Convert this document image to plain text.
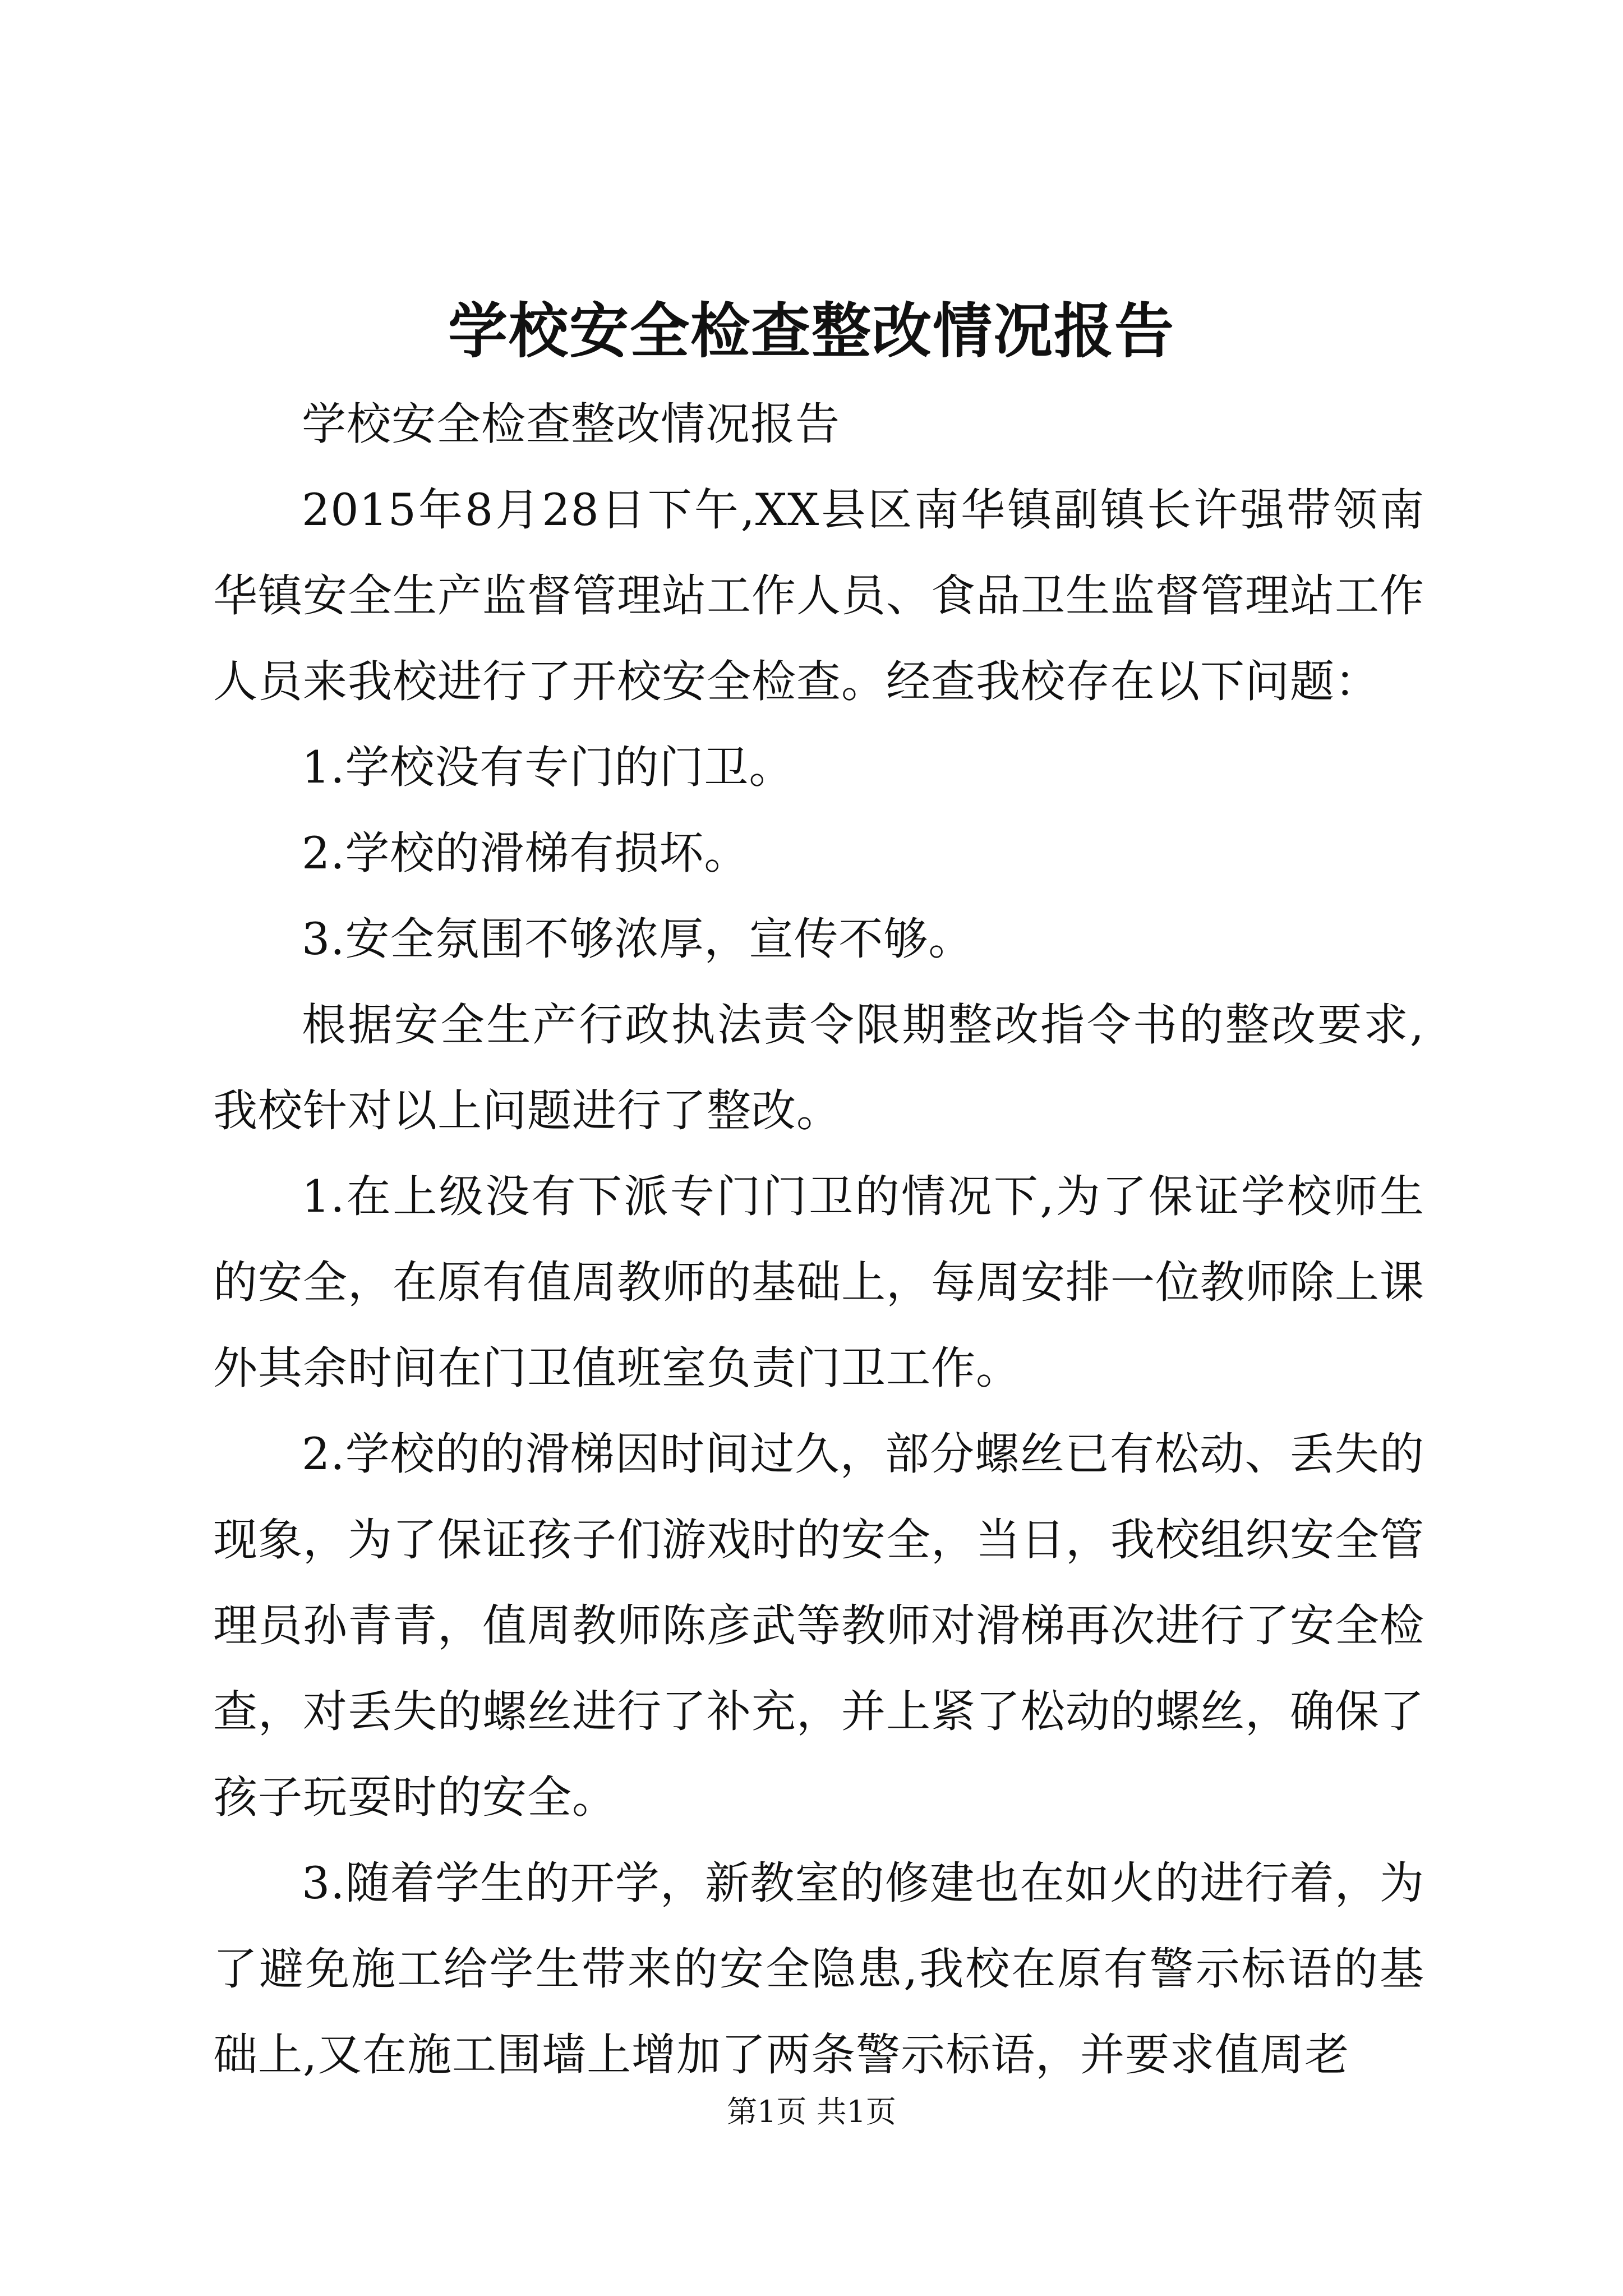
学校安全检查整改情况报告

学校安全检查整改情况报告

2015年8月28日下午,XX县区南华镇副镇长许强带领南华镇安全生产监督管理站工作人员、食品卫生监督管理站工作人员来我校进行了开校安全检查。经查我校存在以下问题：

1.学校没有专门的门卫。

2.学校的滑梯有损坏。

3.安全氛围不够浓厚，宣传不够。

根据安全生产行政执法责令限期整改指令书的整改要求,我校针对以上问题进行了整改。

1.在上级没有下派专门门卫的情况下,为了保证学校师生的安全，在原有值周教师的基础上，每周安排一位教师除上课外其余时间在门卫值班室负责门卫工作。

2.学校的的滑梯因时间过久，部分螺丝已有松动、丢失的现象，为了保证孩子们游戏时的安全，当日，我校组织安全管理员孙青青，值周教师陈彦武等教师对滑梯再次进行了安全检查，对丢失的螺丝进行了补充，并上紧了松动的螺丝，确保了孩子玩耍时的安全。

3.随着学生的开学，新教室的修建也在如火的进行着，为了避免施工给学生带来的安全隐患,我校在原有警示标语的基础上,又在施工围墙上增加了两条警示标语，并要求值周老

第1页 共1页
